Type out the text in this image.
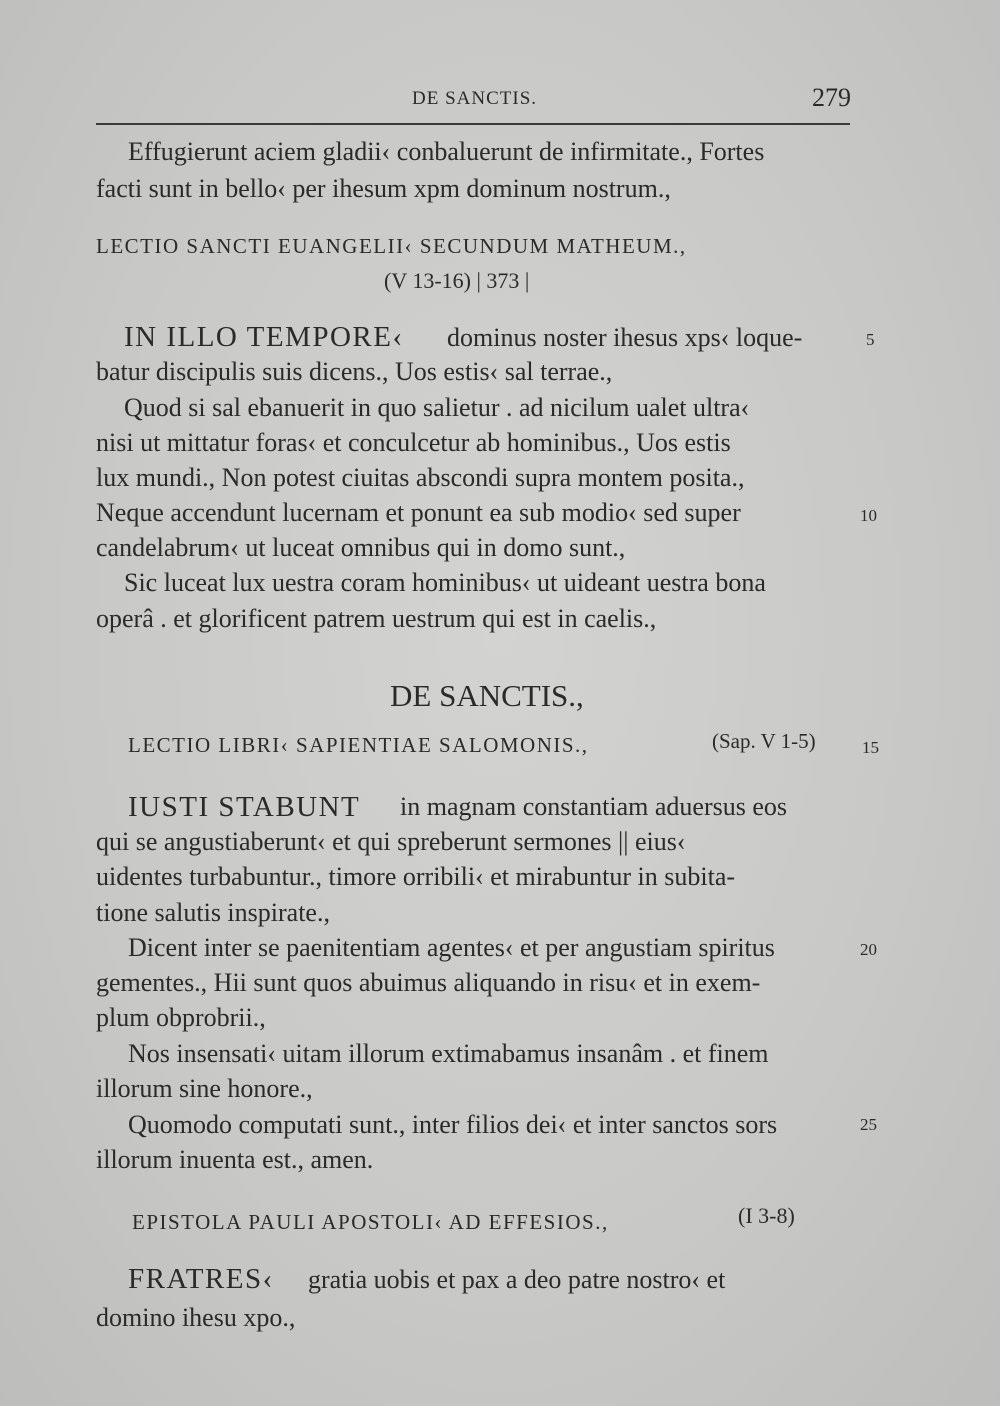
DE SANCTIS.	279
Effugierunt aciem gladii‹ conbaluerunt de infirmitate., Fortes
facti sunt in bello‹ per ihesum xpm dominum nostrum.,
LECTIO SANCTI EUANGELII‹ SECUNDUM MATHEUM.,
(V 13-16) | 373 |
IN ILLO TEMPORE‹ dominus noster ihesus xps‹ loque-	5
batur discipulis suis dicens., Uos estis‹ sal terrae.,
Quod si sal ebanuerit in quo salietur . ad nicilum ualet ultra‹
nisi ut mittatur foras‹ et conculcetur ab hominibus., Uos estis
lux mundi., Non potest ciuitas abscondi supra montem posita.,
Neque accendunt lucernam et ponunt ea sub modio‹ sed super	10
candelabrum‹ ut luceat omnibus qui in domo sunt.,
Sic luceat lux uestra coram hominibus‹ ut uideant uestra bona
operâ . et glorificent patrem uestrum qui est in caelis.,
DE SANCTIS.,
LECTIO LIBRI‹ SAPIENTIAE SALOMONIS.,	(Sap. V 1-5)	15
IUSTI STABUNT in magnam constantiam aduersus eos
qui se angustiaberunt‹ et qui spreberunt sermones || eius‹
uidentes turbabuntur., timore orribili‹ et mirabuntur in subita-
tione salutis inspirate.,
Dicent inter se paenitentiam agentes‹ et per angustiam spiritus	20
gementes., Hii sunt quos abuimus aliquando in risu‹ et in exem-
plum obprobrii.,
Nos insensati‹ uitam illorum extimabamus insanâm . et finem
illorum sine honore.,
Quomodo computati sunt., inter filios dei‹ et inter sanctos sors	25
illorum inuenta est., amen.
EPISTOLA PAULI APOSTOLI‹ AD EFFESIOS.,	(I 3-8)
FRATRES‹ gratia uobis et pax a deo patre nostro‹ et
domino ihesu xpo.,
